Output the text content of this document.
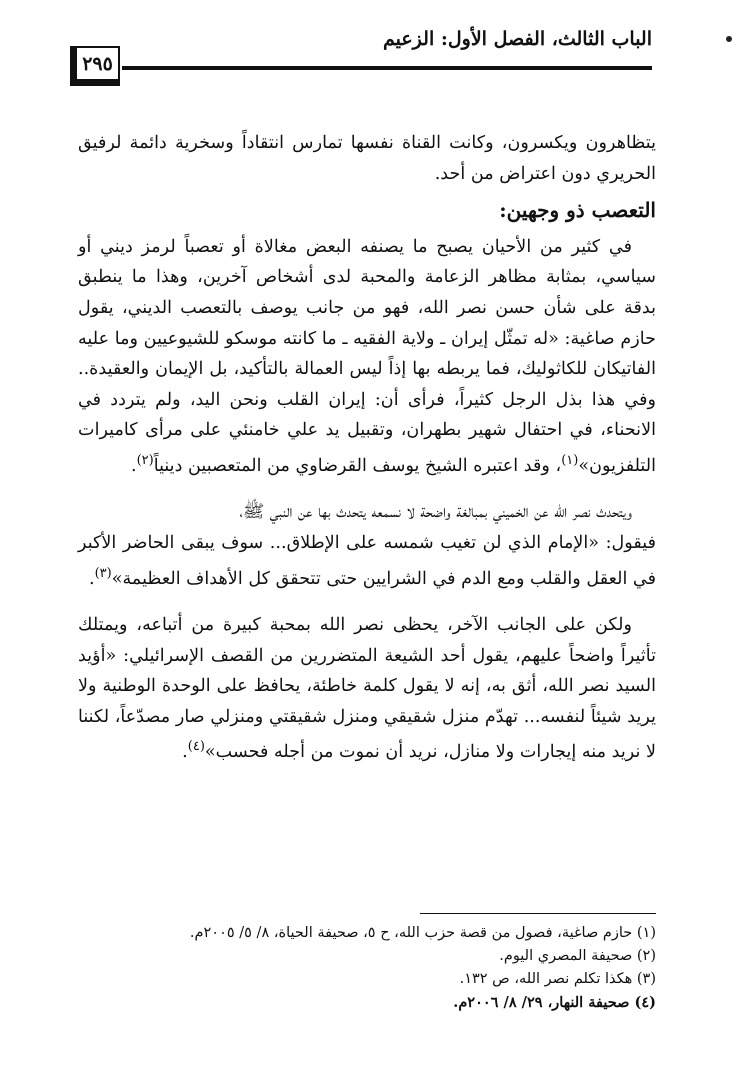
الباب الثالث، الفصل الأول: الزعيم
٢٩٥

يتظاهرون ويكسرون، وكانت القناة نفسها تمارس انتقاداً وسخرية دائمة لرفيق الحريري دون اعتراض من أحد.

التعصب ذو وجهين:

في كثير من الأحيان يصبح ما يصنفه البعض مغالاة أو تعصباً لرمز ديني أو سياسي، بمثابة مظاهر الزعامة والمحبة لدى أشخاص آخرين، وهذا ما ينطبق بدقة على شأن حسن نصر الله، فهو من جانب يوصف بالتعصب الديني، يقول حازم صاغية: «له تمثّل إيران ـ ولاية الفقيه ـ ما كانته موسكو للشيوعيين وما عليه الفاتيكان للكاثوليك، فما يربطه بها إذاً ليس العمالة بالتأكيد، بل الإيمان والعقيدة.. وفي هذا بذل الرجل كثيراً، فرأى أن: إيران القلب ونحن اليد، ولم يتردد في الانحناء، في احتفال شهير بطهران، وتقبيل يد علي خامنئي على مرأى كاميرات التلفزيون»$^{(١)}$، وقد اعتبره الشيخ يوسف القرضاوي من المتعصبين دينياً$^{(٢)}$.

ويتحدث نصر الله عن الخميني بمبالغة واضحة لا نسمعه يتحدث بها عن النبي ﷺ،

فيقول: «الإمام الذي لن تغيب شمسه على الإطلاق... سوف يبقى الحاضر الأكبر في العقل والقلب ومع الدم في الشرايين حتى تتحقق كل الأهداف العظيمة»$^{(٣)}$.

ولكن على الجانب الآخر، يحظى نصر الله بمحبة كبيرة من أتباعه، ويمتلك تأثيراً واضحاً عليهم، يقول أحد الشيعة المتضررين من القصف الإسرائيلي: «أؤيد السيد نصر الله، أثق به، إنه لا يقول كلمة خاطئة، يحافظ على الوحدة الوطنية ولا يريد شيئاً لنفسه... تهدّم منزل شقيقي ومنزل شقيقتي ومنزلي صار مصدّعاً، لكننا لا نريد منه إيجارات ولا منازل، نريد أن نموت من أجله فحسب»$^{(٤)}$.

(١) حازم صاغية، فصول من قصة حزب الله، ح ٥، صحيفة الحياة، ٨/ ٥/ ٢٠٠٥م.
(٢) صحيفة المصري اليوم.
(٣) هكذا تكلم نصر الله، ص ١٣٢.
(٤) صحيفة النهار، ٢٩/ ٨/ ٢٠٠٦م.
